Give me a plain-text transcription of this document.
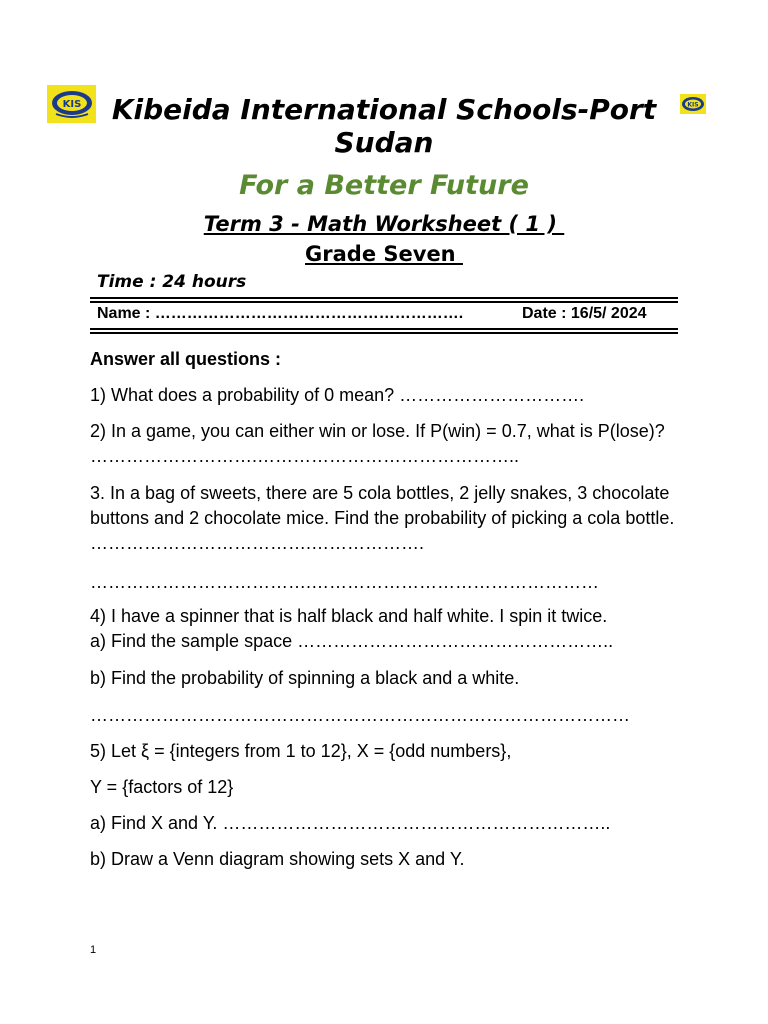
KIS	KIS
Kibeida International Schools-Port Sudan
For a Better Future
Term 3 - Math Worksheet ( 1 )
Grade Seven
Time : 24 hours
Name : ………………………………………………….	Date : 16/5/ 2024
Answer all questions :
1) What does a probability of 0 mean? ………………………….
2) In a game, you can either win or lose. If P(win) = 0.7, what is P(lose)? ……………………….……………………………………..
3. In a bag of sweets, there are 5 cola bottles, 2 jelly snakes, 3 chocolate buttons and 2 chocolate mice. Find the probability of picking a cola bottle. ……………………………….……………….
……………………………….…………………………………………
4) I have a spinner that is half black and half white. I spin it twice.
a) Find the sample space ……………………………………………..
b) Find the probability of spinning a black and a white.
………………………………………………………………………………
5) Let ξ = {integers from 1 to 12}, X = {odd numbers},
Y = {factors of 12}
a) Find X and Y. ………………………………………………………..
b) Draw a Venn diagram showing sets X and Y.
1
